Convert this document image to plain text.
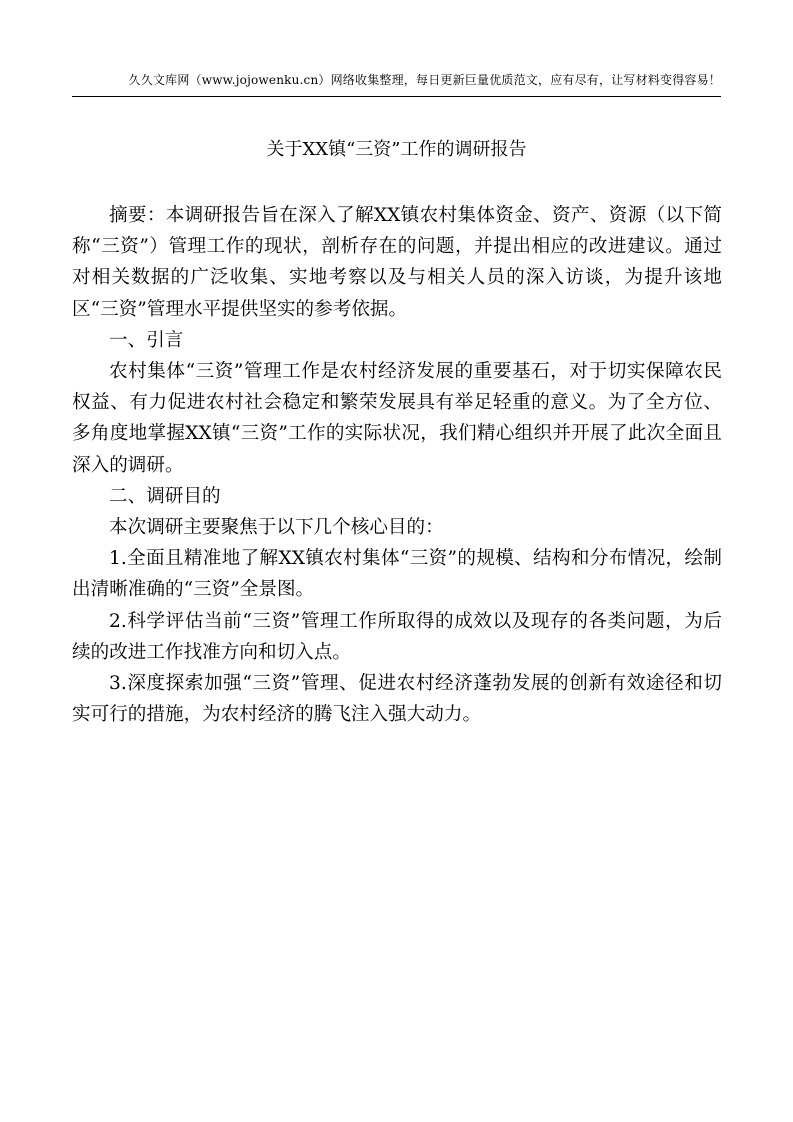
久久文库网（www.jojowenku.cn）网络收集整理，每日更新巨量优质范文，应有尽有，让写材料变得容易！
关于XX镇“三资”工作的调研报告

摘要：本调研报告旨在深入了解XX镇农村集体资金、资产、资源（以下简称“三资”）管理工作的现状，剖析存在的问题，并提出相应的改进建议。通过对相关数据的广泛收集、实地考察以及与相关人员的深入访谈，为提升该地区“三资”管理水平提供坚实的参考依据。

一、引言

农村集体“三资”管理工作是农村经济发展的重要基石，对于切实保障农民权益、有力促进农村社会稳定和繁荣发展具有举足轻重的意义。为了全方位、多角度地掌握XX镇“三资”工作的实际状况，我们精心组织并开展了此次全面且深入的调研。

二、调研目的

本次调研主要聚焦于以下几个核心目的：

1.全面且精准地了解XX镇农村集体“三资”的规模、结构和分布情况，绘制出清晰准确的“三资”全景图。

2.科学评估当前“三资”管理工作所取得的成效以及现存的各类问题，为后续的改进工作找准方向和切入点。

3.深度探索加强“三资”管理、促进农村经济蓬勃发展的创新有效途径和切实可行的措施，为农村经济的腾飞注入强大动力。
